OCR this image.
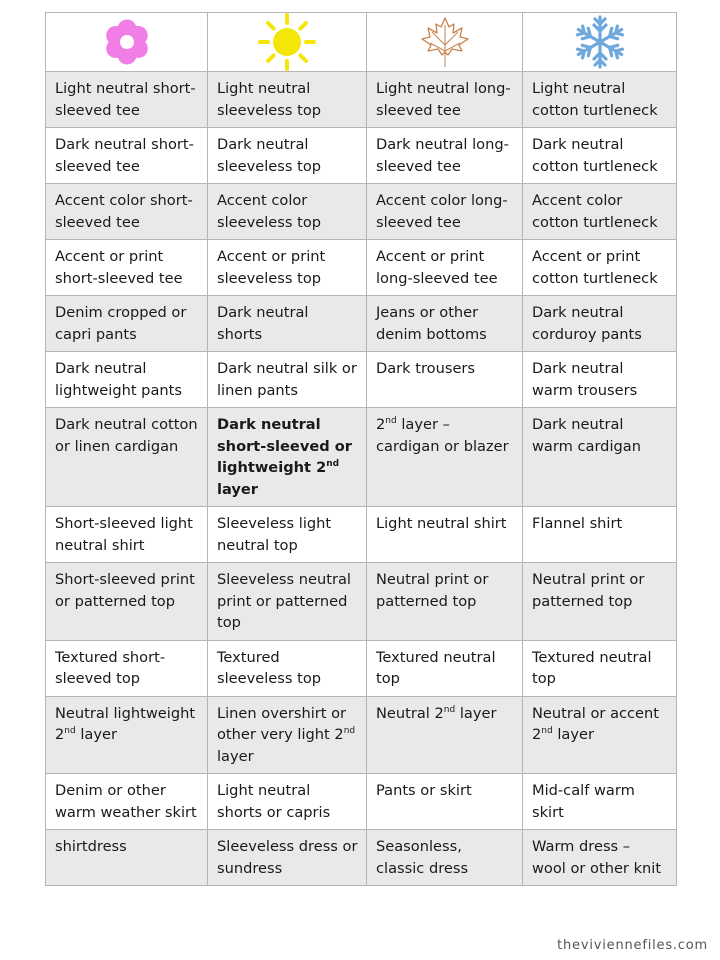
Light neutral short-sleeved tee	Light neutral sleeveless top	Light neutral long-sleeved tee	Light neutral cotton turtleneck
Dark neutral short-sleeved tee	Dark neutral sleeveless top	Dark neutral long-sleeved tee	Dark neutral cotton turtleneck
Accent color short-sleeved tee	Accent color sleeveless top	Accent color long-sleeved tee	Accent color cotton turtleneck
Accent or print short-sleeved tee	Accent or print sleeveless top	Accent or print long-sleeved tee	Accent or print cotton turtleneck
Denim cropped or capri pants	Dark neutral shorts	Jeans or other denim bottoms	Dark neutral corduroy pants
Dark neutral lightweight pants	Dark neutral silk or linen pants	Dark trousers	Dark neutral warm trousers
Dark neutral cotton or linen cardigan	Dark neutral short-sleeved or lightweight 2nd layer	2nd layer – cardigan or blazer	Dark neutral warm cardigan
Short-sleeved light neutral shirt	Sleeveless light neutral top	Light neutral shirt	Flannel shirt
Short-sleeved print or patterned top	Sleeveless neutral print or patterned top	Neutral print or patterned top	Neutral print or patterned top
Textured short-sleeved top	Textured sleeveless top	Textured neutral top	Textured neutral top
Neutral lightweight 2nd layer	Linen overshirt or other very light 2nd layer	Neutral 2nd layer	Neutral or accent 2nd layer
Denim or other warm weather skirt	Light neutral shorts or capris	Pants or skirt	Mid-calf warm skirt
shirtdress	Sleeveless dress or sundress	Seasonless, classic dress	Warm dress – wool or other knit
theviviennefiles.com
